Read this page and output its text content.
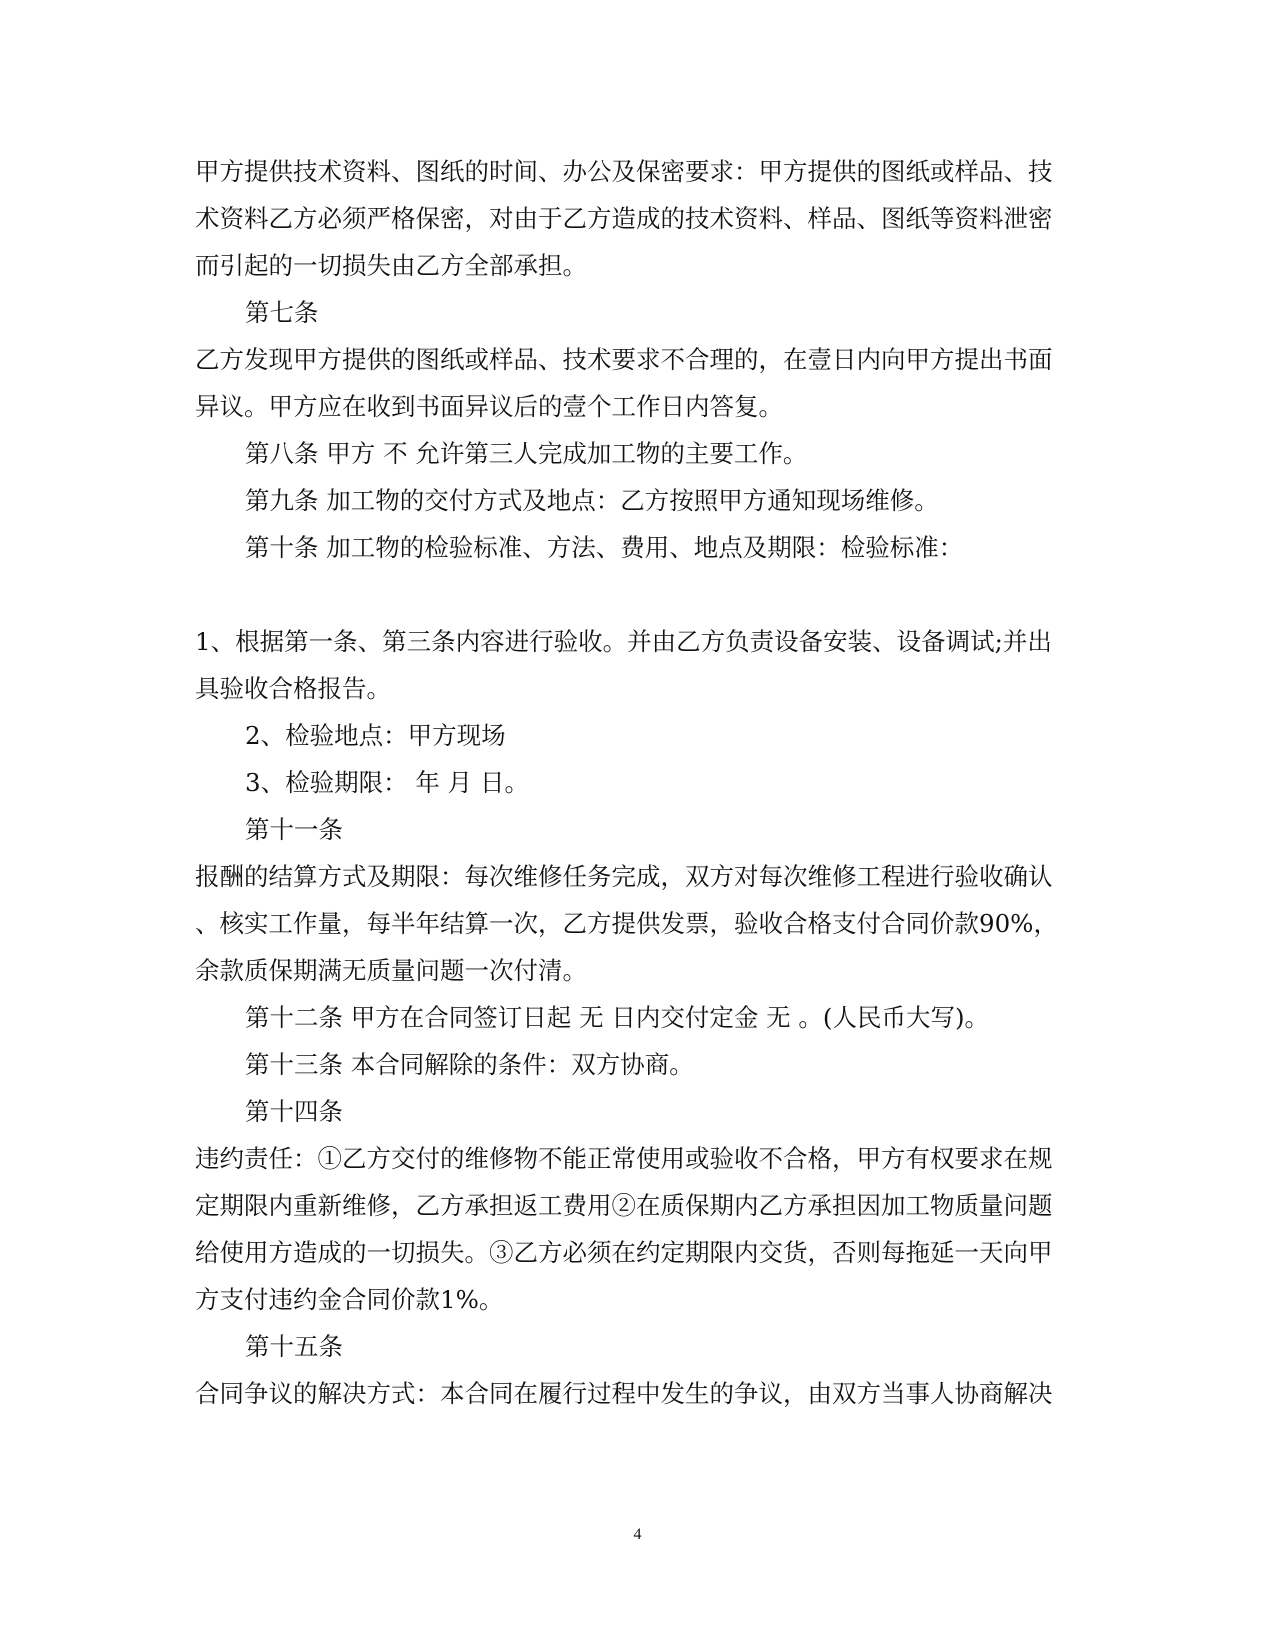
甲方提供技术资料、图纸的时间、办公及保密要求：甲方提供的图纸或样品、技
术资料乙方必须严格保密，对由于乙方造成的技术资料、样品、图纸等资料泄密
而引起的一切损失由乙方全部承担。
第七条
乙方发现甲方提供的图纸或样品、技术要求不合理的，在壹日内向甲方提出书面
异议。甲方应在收到书面异议后的壹个工作日内答复。
第八条 甲方 不 允许第三人完成加工物的主要工作。
第九条 加工物的交付方式及地点：乙方按照甲方通知现场维修。
第十条 加工物的检验标准、方法、费用、地点及期限：检验标准：
1、根据第一条、第三条内容进行验收。并由乙方负责设备安装、设备调试;并出
具验收合格报告。
2、检验地点：甲方现场
3、检验期限： 年 月 日。
第十一条
报酬的结算方式及期限：每次维修任务完成，双方对每次维修工程进行验收确认
、核实工作量，每半年结算一次，乙方提供发票，验收合格支付合同价款90%，
余款质保期满无质量问题一次付清。
第十二条 甲方在合同签订日起 无 日内交付定金 无 。(人民币大写)。
第十三条 本合同解除的条件：双方协商。
第十四条
违约责任：①乙方交付的维修物不能正常使用或验收不合格，甲方有权要求在规
定期限内重新维修，乙方承担返工费用②在质保期内乙方承担因加工物质量问题
给使用方造成的一切损失。③乙方必须在约定期限内交货，否则每拖延一天向甲
方支付违约金合同价款1%。
第十五条
合同争议的解决方式：本合同在履行过程中发生的争议，由双方当事人协商解决
4
